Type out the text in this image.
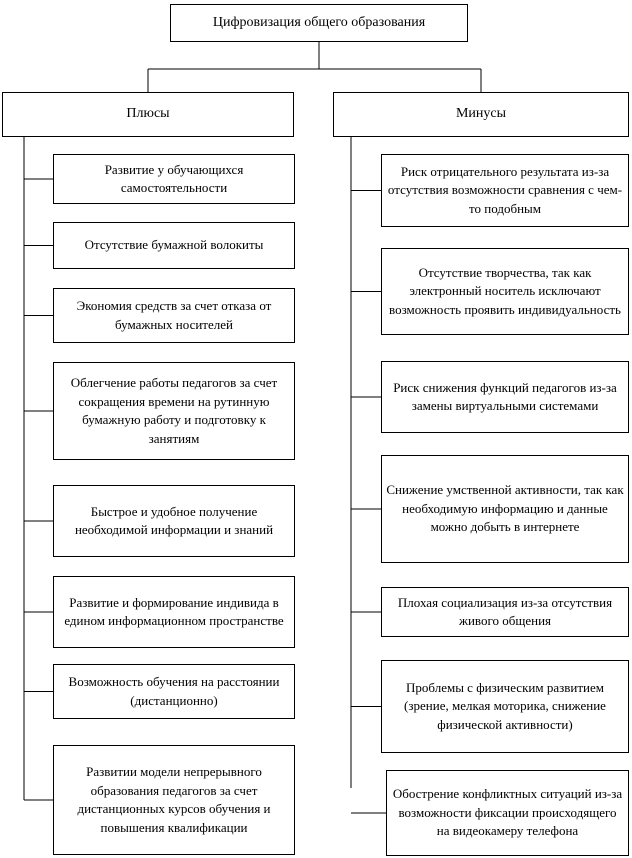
Цифровизация общего образования
Плюсы	Минусы
Развитие у обучающихся самостоятельности
Отсутствие бумажной волокиты
Экономия средств за счет отказа от бумажных носителей
Облегчение работы педагогов за счет сокращения времени на рутинную бумажную работу и подготовку к занятиям
Быстрое и удобное получение необходимой информации и знаний
Развитие и формирование индивида в едином информационном пространстве
Возможность обучения на расстоянии (дистанционно)
Развитии модели непрерывного образования педагогов за счет дистанционных курсов обучения и повышения квалификации
Риск отрицательного результата из-за отсутствия возможности сравнения с чем-то подобным
Отсутствие творчества, так как электронный носитель исключают возможность проявить индивидуальность
Риск снижения функций педагогов из-за замены виртуальными системами
Снижение умственной активности, так как необходимую информацию и данные можно добыть в интернете
Плохая социализация из-за отсутствия живого общения
Проблемы с физическим развитием (зрение, мелкая моторика, снижение физической активности)
Обострение конфликтных ситуаций из-за возможности фиксации происходящего на видеокамеру телефона
